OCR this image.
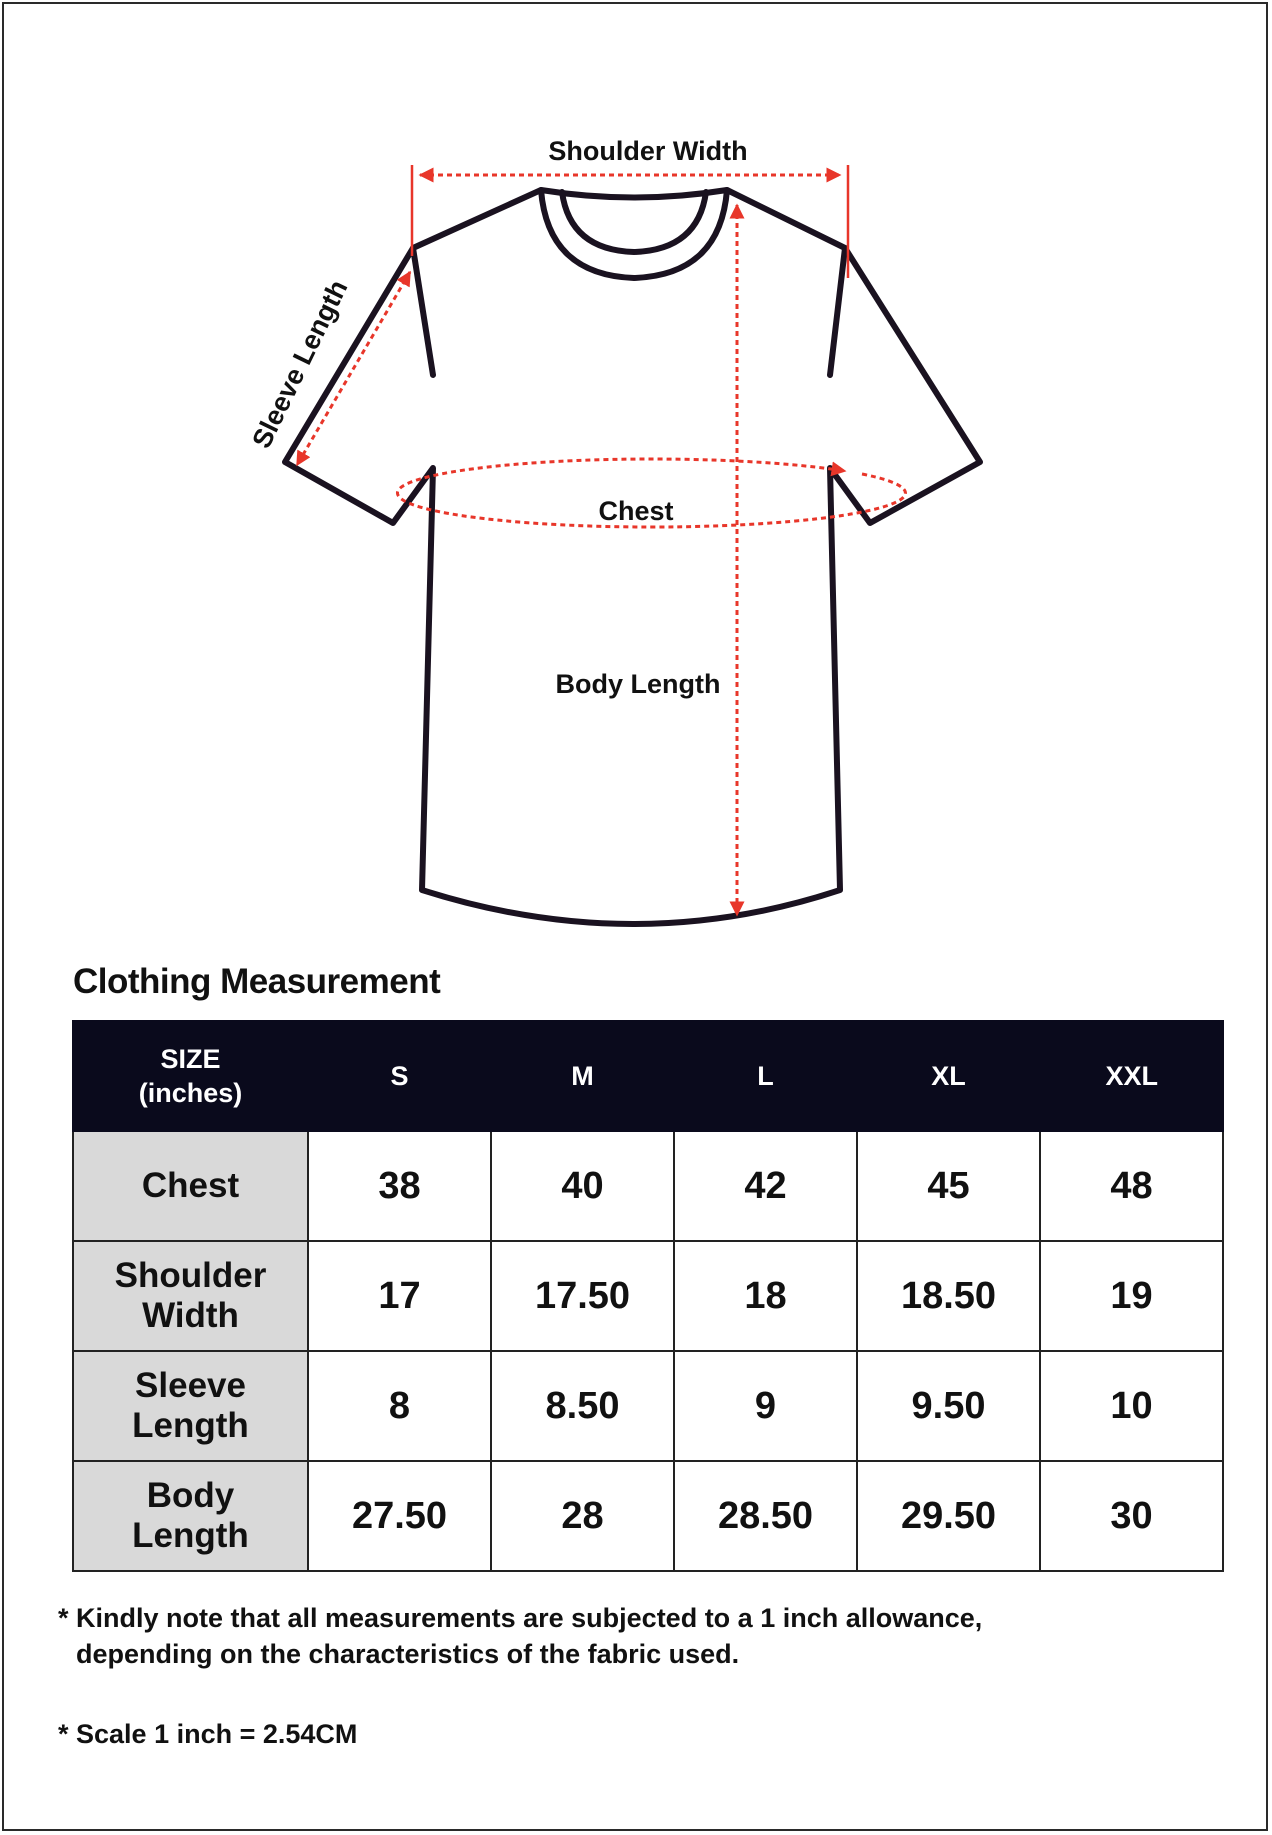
Shoulder Width
Sleeve Length
Chest
Body Length
Clothing Measurement
SIZE
(inches)	S	M	L	XL	XXL
Chest	38	40	42	45	48
Shoulder
Width	17	17.50	18	18.50	19
Sleeve
Length	8	8.50	9	9.50	10
Body
Length	27.50	28	28.50	29.50	30
* Kindly note that all measurements are subjected to a 1 inch allowance,
depending on the characteristics of the fabric used.
* Scale 1 inch = 2.54CM
